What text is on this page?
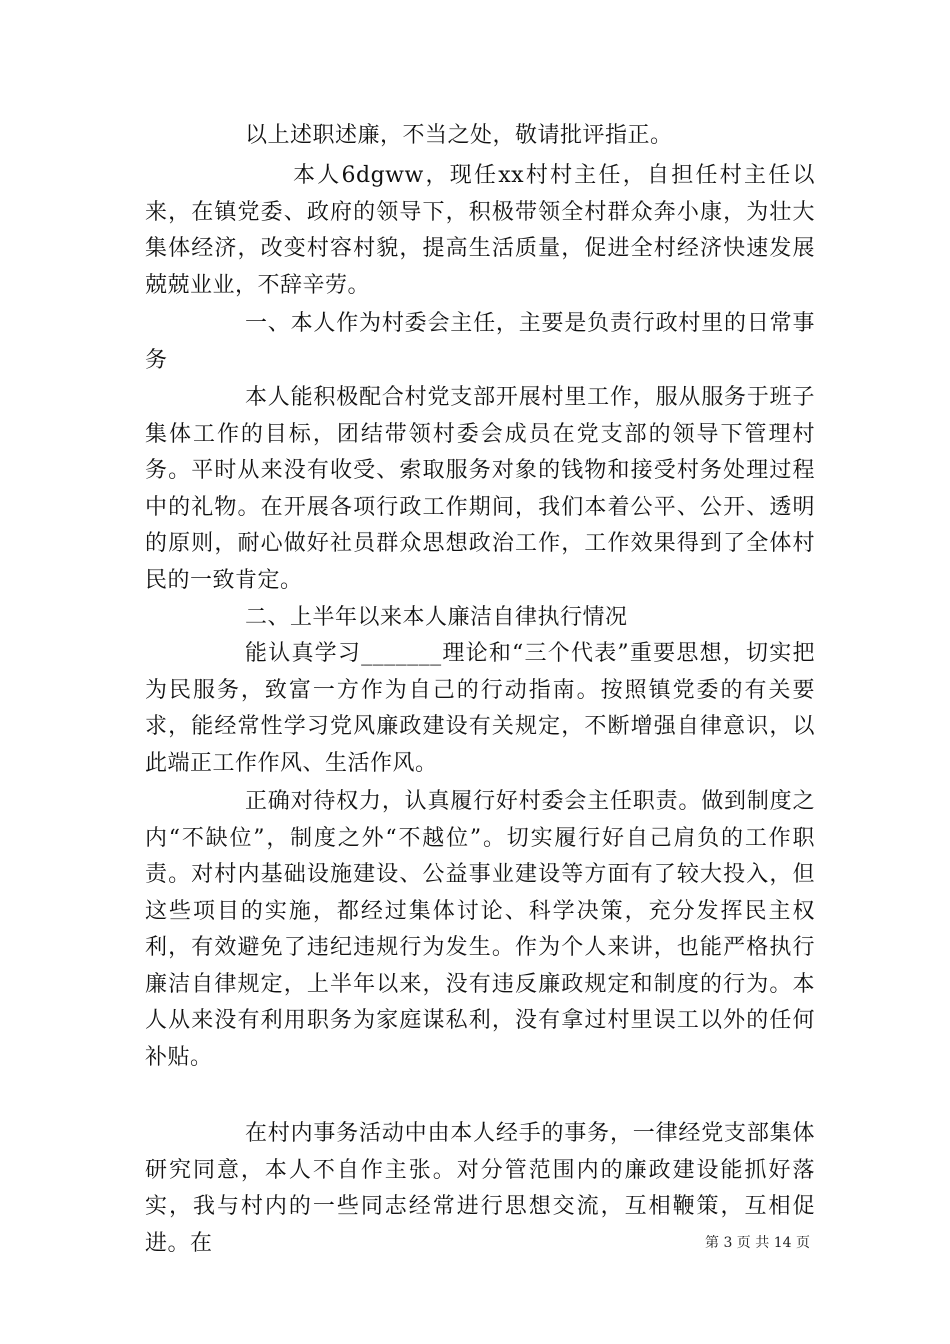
以上述职述廉，不当之处，敬请批评指正。

本人6dgww，现任xx村村主任，自担任村主任以来，在镇党委、政府的领导下，积极带领全村群众奔小康，为壮大集体经济，改变村容村貌，提高生活质量，促进全村经济快速发展兢兢业业，不辞辛劳。

一、本人作为村委会主任，主要是负责行政村里的日常事务

本人能积极配合村党支部开展村里工作，服从服务于班子集体工作的目标，团结带领村委会成员在党支部的领导下管理村务。平时从来没有收受、索取服务对象的钱物和接受村务处理过程中的礼物。在开展各项行政工作期间，我们本着公平、公开、透明的原则，耐心做好社员群众思想政治工作，工作效果得到了全体村民的一致肯定。

二、上半年以来本人廉洁自律执行情况

能认真学习_______理论和“三个代表”重要思想，切实把为民服务，致富一方作为自己的行动指南。按照镇党委的有关要求，能经常性学习党风廉政建设有关规定，不断增强自律意识，以此端正工作作风、生活作风。

正确对待权力，认真履行好村委会主任职责。做到制度之内“不缺位”，制度之外“不越位”。切实履行好自己肩负的工作职责。对村内基础设施建设、公益事业建设等方面有了较大投入，但这些项目的实施，都经过集体讨论、科学决策，充分发挥民主权利，有效避免了违纪违规行为发生。作为个人来讲，也能严格执行廉洁自律规定，上半年以来，没有违反廉政规定和制度的行为。本人从来没有利用职务为家庭谋私利，没有拿过村里误工以外的任何补贴。

在村内事务活动中由本人经手的事务，一律经党支部集体研究同意，本人不自作主张。对分管范围内的廉政建设能抓好落实，我与村内的一些同志经常进行思想交流，互相鞭策，互相促进。在	第 3 页 共 14 页
